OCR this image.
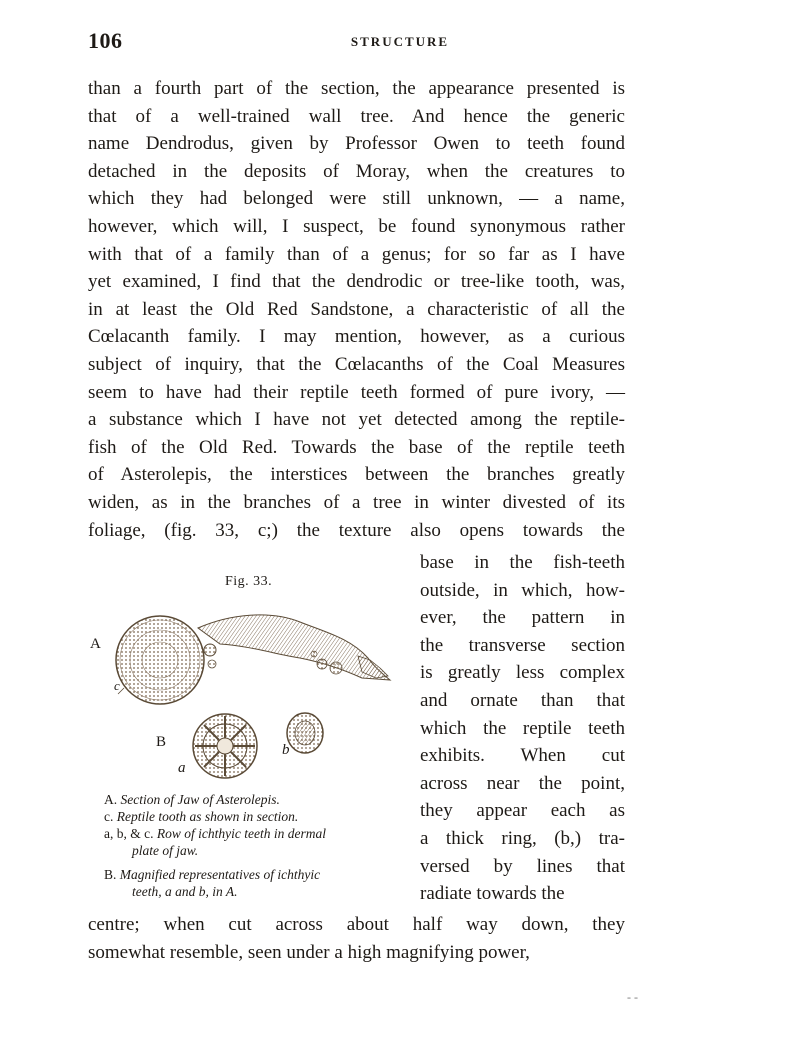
106	STRUCTURE
than a fourth part of the section, the appearance presented is
that of a well-trained wall tree. And hence the generic
name Dendrodus, given by Professor Owen to teeth found
detached in the deposits of Moray, when the creatures to
which they had belonged were still unknown, — a name,
however, which will, I suspect, be found synonymous rather
with that of a family than of a genus; for so far as I have
yet examined, I find that the dendrodic or tree-like tooth, was,
in at least the Old Red Sandstone, a characteristic of all the
Cœlacanth family. I may mention, however, as a curious
subject of inquiry, that the Cœlacanths of the Coal Measures
seem to have had their reptile teeth formed of pure ivory, —
a substance which I have not yet detected among the reptile-
fish of the Old Red. Towards the base of the reptile teeth
of Asterolepis, the interstices between the branches greatly
widen, as in the branches of a tree in winter divested of its
foliage, (fig. 33, c;) the texture also opens towards the
base in the fish-teeth
outside, in which, how-
ever, the pattern in
the transverse section
is greatly less complex
and ornate than that
which the reptile teeth
exhibits. When cut
across near the point,
they appear each as
a thick ring, (b,) tra-
versed by lines that
radiate towards the
centre; when cut across about half way down, they
somewhat resemble, seen under a high magnifying power,
Fig. 33.
A
B
c
a
b
A. Section of Jaw of Asterolepis.
c. Reptile tooth as shown in section.
a, b, & c. Row of ichthyic teeth in dermal
plate of jaw.
B. Magnified representatives of ichthyic
teeth, a and b, in A.
- -
